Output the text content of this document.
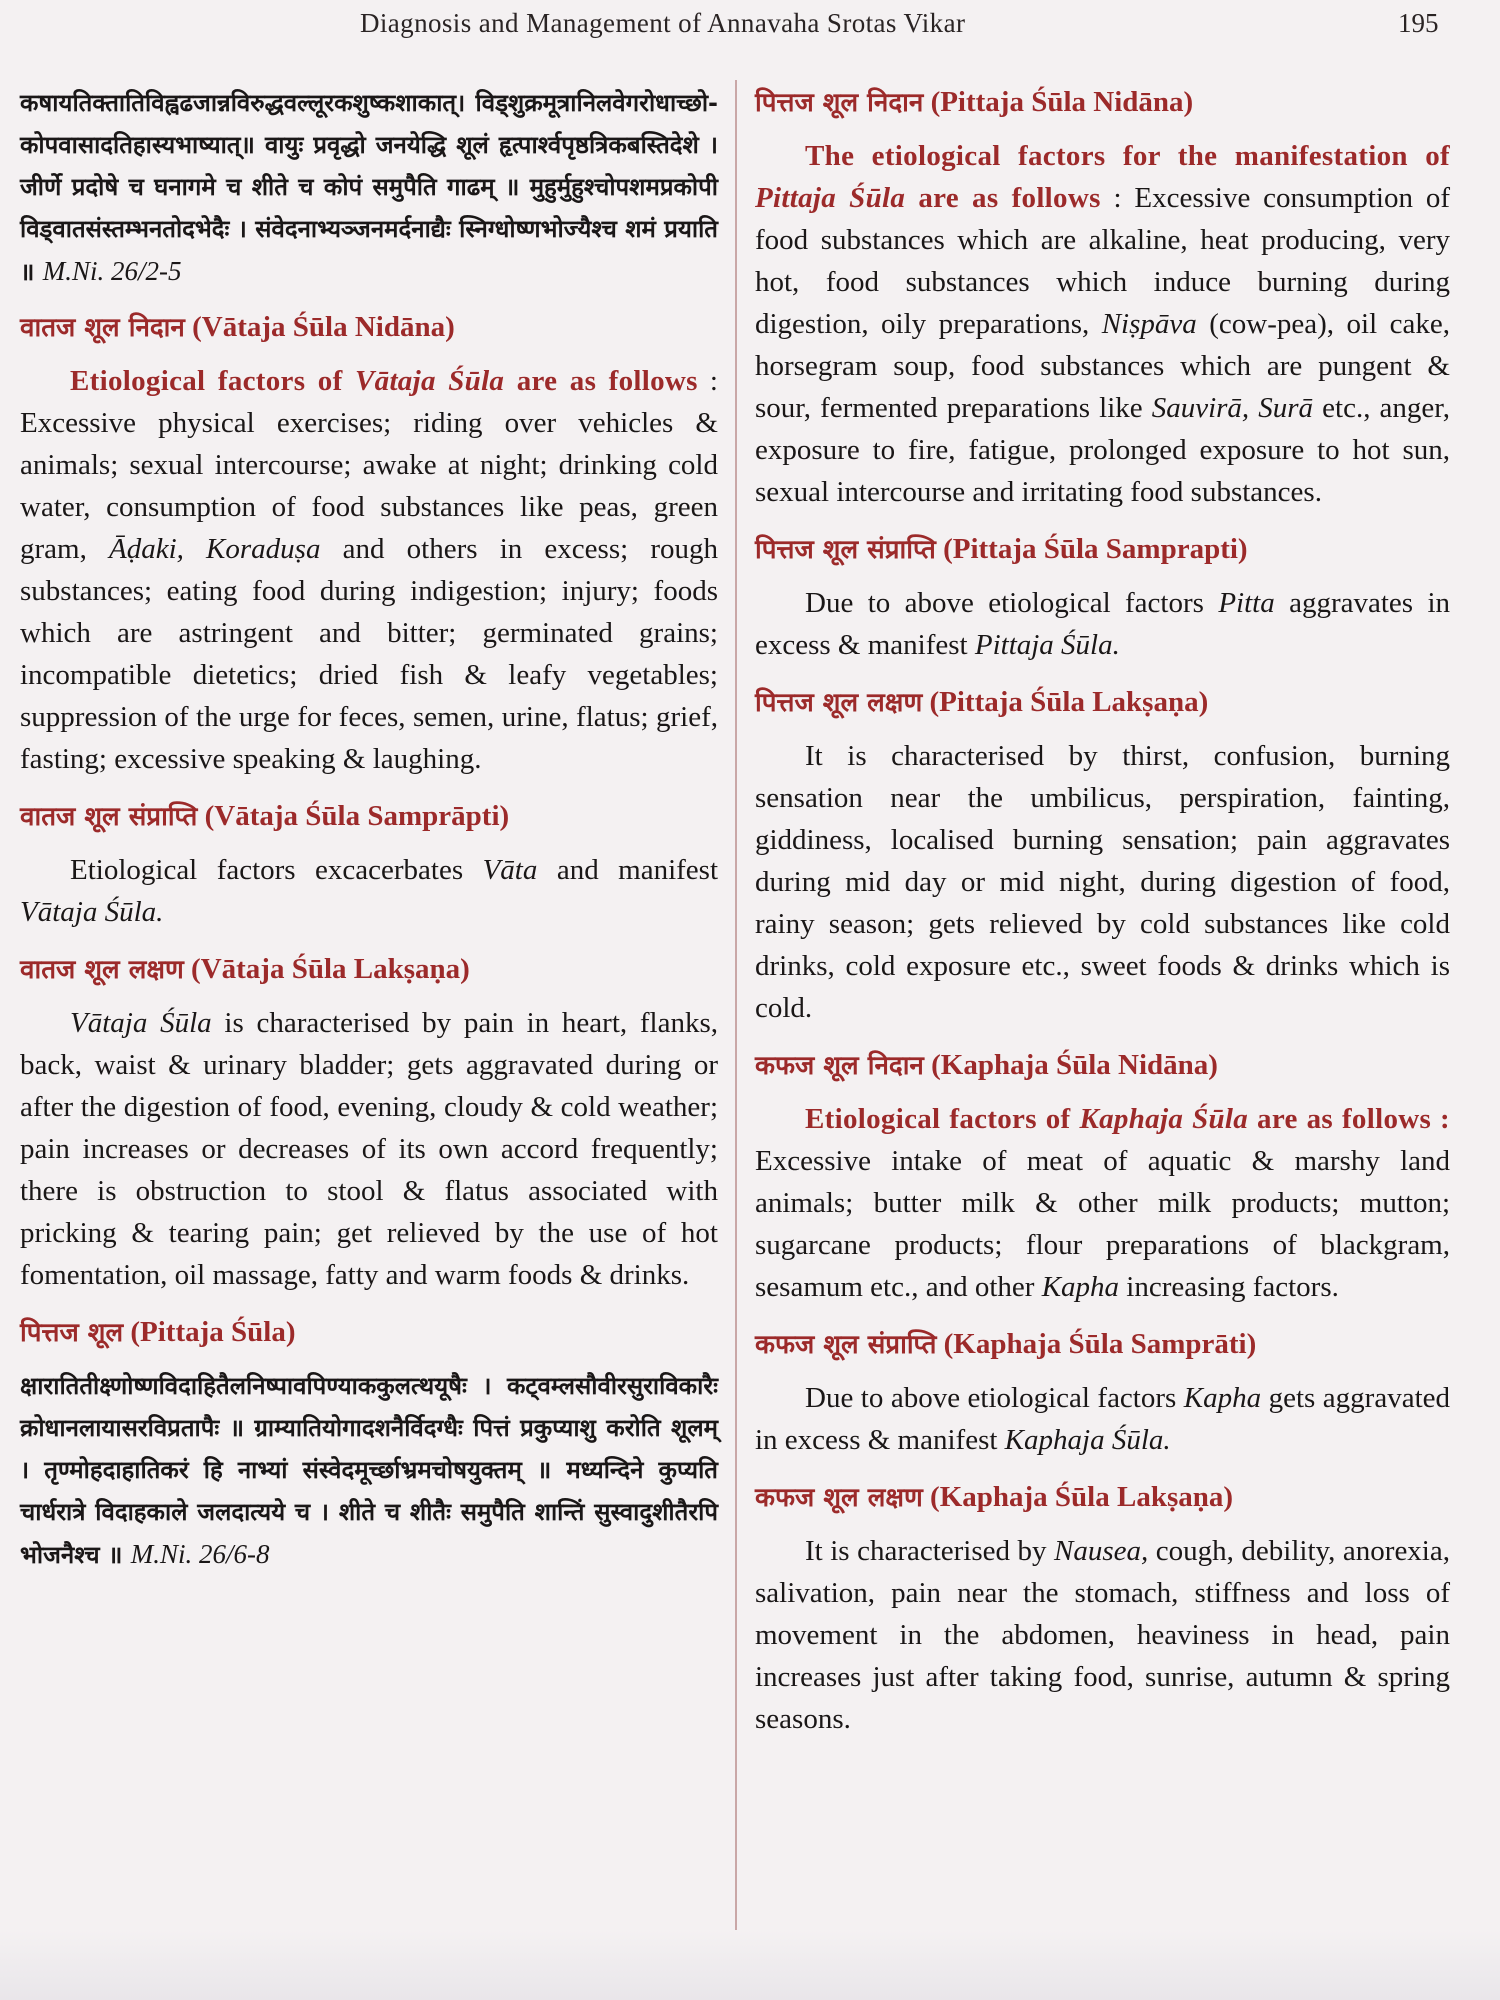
Diagnosis and Management of Annavaha Srotas Vikar	195

कषायतिक्तातिविह्वढजान्नविरुद्धवल्लूरकशुष्कशाकात्। विड्‌शुक्रमूत्रानिलवेगरोधाच्छो-कोपवासादतिहास्यभाष्यात्॥ वायुः प्रवृद्धो जनयेद्धि शूलं हृत्पार्श्वपृष्ठत्रिकबस्तिदेशे । जीर्णे प्रदोषे च घनागमे च शीते च कोपं समुपैति गाढम् ॥ मुहुर्मुहुश्चोपशमप्रकोपी विड्वातसंस्तम्भनतोदभेदैः । संवेदनाभ्यञ्जनमर्दनाद्यैः स्निग्धोष्णभोज्यैश्च शमं प्रयाति ॥ M.Ni. 26/2-5

वातज शूल निदान (Vātaja Śūla Nidāna)

Etiological factors of Vātaja Śūla are as follows : Excessive physical exercises; riding over vehicles & animals; sexual intercourse; awake at night; drinking cold water, consumption of food substances like peas, green gram, Āḍaki, Koraduṣa and others in excess; rough substances; eating food during indigestion; injury; foods which are astringent and bitter; germinated grains; incompatible dietetics; dried fish & leafy vegetables; suppression of the urge for feces, semen, urine, flatus; grief, fasting; excessive speaking & laughing.

वातज शूल संप्राप्ति (Vātaja Śūla Samprāpti)

Etiological factors excacerbates Vāta and manifest Vātaja Śūla.

वातज शूल लक्षण (Vātaja Śūla Lakṣaṇa)

Vātaja Śūla is characterised by pain in heart, flanks, back, waist & urinary bladder; gets aggravated during or after the digestion of food, evening, cloudy & cold weather; pain increases or decreases of its own accord frequently; there is obstruction to stool & flatus associated with pricking & tearing pain; get relieved by the use of hot fomentation, oil massage, fatty and warm foods & drinks.

पित्तज शूल (Pittaja Śūla)

क्षारातितीक्ष्णोष्णविदाहितैलनिष्पावपिण्याककुलत्थयूषैः । कट्वम्लसौवीरसुराविकारैः क्रोधानलायासरविप्रतापैः ॥ ग्राम्यातियोगादशनैर्विदग्धैः पित्तं प्रकुप्याशु करोति शूलम् । तृण्मोहदाहातिकरं हि नाभ्यां संस्वेदमूर्च्छाभ्रमचोषयुक्तम् ॥ मध्यन्दिने कुप्यति चार्धरात्रे विदाहकाले जलदात्यये च । शीते च शीतैः समुपैति शान्तिं सुस्वादुशीतैरपि भोजनैश्च ॥ M.Ni. 26/6-8

पित्तज शूल निदान (Pittaja Śūla Nidāna)

The etiological factors for the manifestation of Pittaja Śūla are as follows : Excessive consumption of food substances which are alkaline, heat producing, very hot, food substances which induce burning during digestion, oily preparations, Niṣpāva (cow-pea), oil cake, horsegram soup, food substances which are pungent & sour, fermented preparations like Sauvirā, Surā etc., anger, exposure to fire, fatigue, prolonged exposure to hot sun, sexual intercourse and irritating food substances.

पित्तज शूल संप्राप्ति (Pittaja Śūla Samprapti)

Due to above etiological factors Pitta aggravates in excess & manifest Pittaja Śūla.

पित्तज शूल लक्षण (Pittaja Śūla Lakṣaṇa)

It is characterised by thirst, confusion, burning sensation near the umbilicus, perspiration, fainting, giddiness, localised burning sensation; pain aggravates during mid day or mid night, during digestion of food, rainy season; gets relieved by cold substances like cold drinks, cold exposure etc., sweet foods & drinks which is cold.

कफज शूल निदान (Kaphaja Śūla Nidāna)

Etiological factors of Kaphaja Śūla are as follows : Excessive intake of meat of aquatic & marshy land animals; butter milk & other milk products; mutton; sugarcane products; flour preparations of blackgram, sesamum etc., and other Kapha increasing factors.

कफज शूल संप्राप्ति (Kaphaja Śūla Samprāti)

Due to above etiological factors Kapha gets aggravated in excess & manifest Kaphaja Śūla.

कफज शूल लक्षण (Kaphaja Śūla Lakṣaṇa)

It is characterised by Nausea, cough, debility, anorexia, salivation, pain near the stomach, stiffness and loss of movement in the abdomen, heaviness in head, pain increases just after taking food, sunrise, autumn & spring seasons.
